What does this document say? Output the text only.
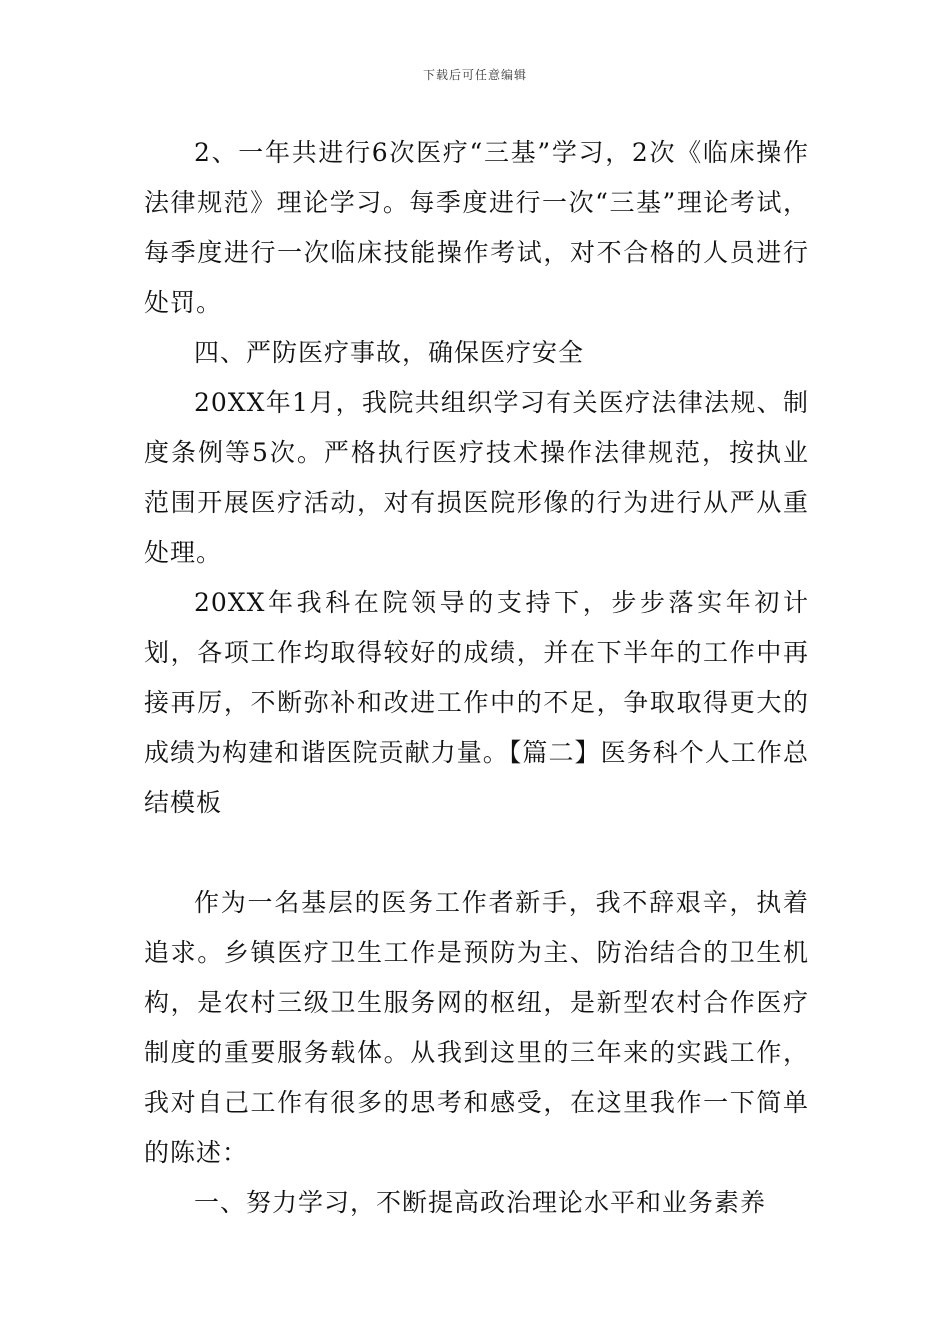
下载后可任意编辑

2、一年共进行6次医疗“三基”学习，2次《临床操作法律规范》理论学习。每季度进行一次“三基”理论考试，每季度进行一次临床技能操作考试，对不合格的人员进行处罚。

四、严防医疗事故，确保医疗安全

20XX年1月，我院共组织学习有关医疗法律法规、制度条例等5次。严格执行医疗技术操作法律规范，按执业范围开展医疗活动，对有损医院形像的行为进行从严从重处理。

20XX年我科在院领导的支持下，步步落实年初计划，各项工作均取得较好的成绩，并在下半年的工作中再接再厉，不断弥补和改进工作中的不足，争取取得更大的成绩为构建和谐医院贡献力量。【篇二】医务科个人工作总结模板

作为一名基层的医务工作者新手，我不辞艰辛，执着追求。乡镇医疗卫生工作是预防为主、防治结合的卫生机构，是农村三级卫生服务网的枢纽，是新型农村合作医疗制度的重要服务载体。从我到这里的三年来的实践工作，我对自己工作有很多的思考和感受，在这里我作一下简单的陈述：

一、努力学习，不断提高政治理论水平和业务素养
